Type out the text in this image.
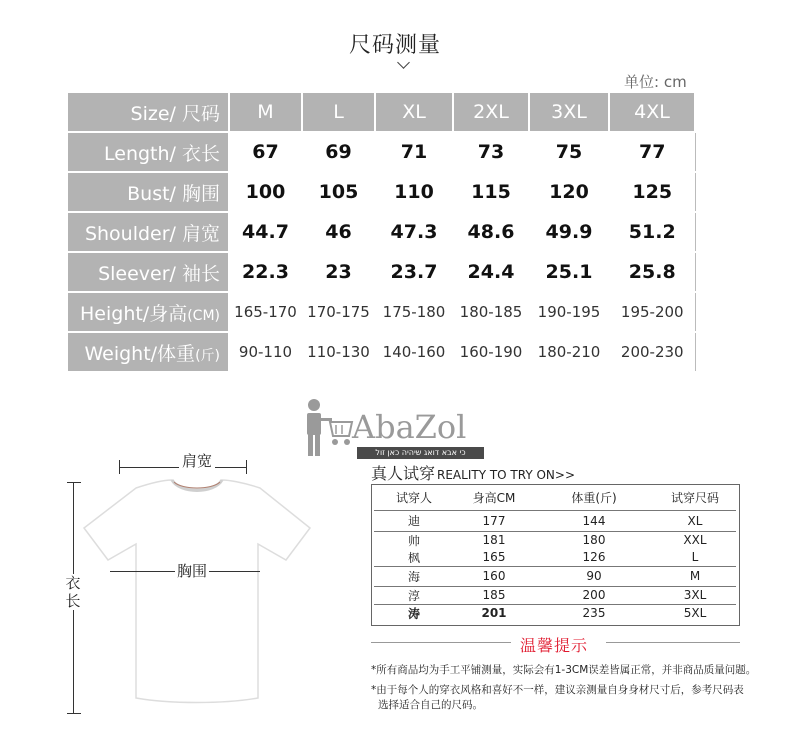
尺码测量
单位: cm
Size/ 尺码	M	L	XL	2XL	3XL	4XL
Length/ 衣长	67	69	71	73	75	77
Bust/ 胸围	100	105	110	115	120	125
Shoulder/ 肩宽	44.7	46	47.3	48.6	49.9	51.2
Sleever/ 袖长	22.3	23	23.7	24.4	25.1	25.8
Height/身高(CM)	165-170	170-175	175-180	180-185	190-195	195-200
Weight/体重(斤)	90-110	110-130	140-160	160-190	180-210	200-230
AbaZol
כי אבא דואג שיהיה כאן זול
肩宽
胸围
衣长
真人试穿 REALITY TO TRY ON>>
试穿人	身高CM	体重(斤)	试穿尺码
迪	177	144	XL
帅	181	180	XXL
枫	165	126	L
海	160	90	M
淳	185	200	3XL
涛	201	235	5XL
温馨提示
*所有商品均为手工平铺测量，实际会有1-3CM误差皆属正常，并非商品质量问题。
*由于每个人的穿衣风格和喜好不一样，建议亲测量自身身材尺寸后，参考尺码表
选择适合自己的尺码。
